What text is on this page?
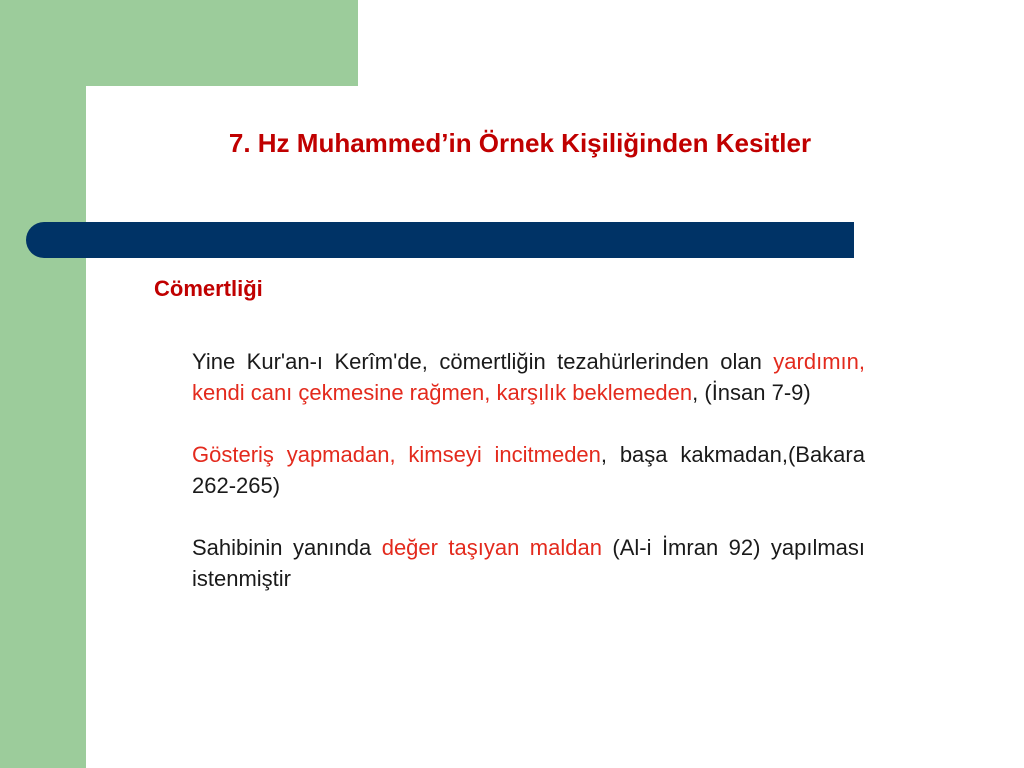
7. Hz Muhammed’in Örnek Kişiliğinden Kesitler
Cömertliği

Yine Kur'an-ı Kerîm'de, cömertliğin tezahürlerinden olan yardımın, kendi canı çekmesine rağmen, karşılık beklemeden, (İnsan 7-9)

Gösteriş yapmadan, kimseyi incitmeden, başa kakmadan,(Bakara 262-265)

Sahibinin yanında değer taşıyan maldan (Al-i İmran 92) yapılması istenmiştir
